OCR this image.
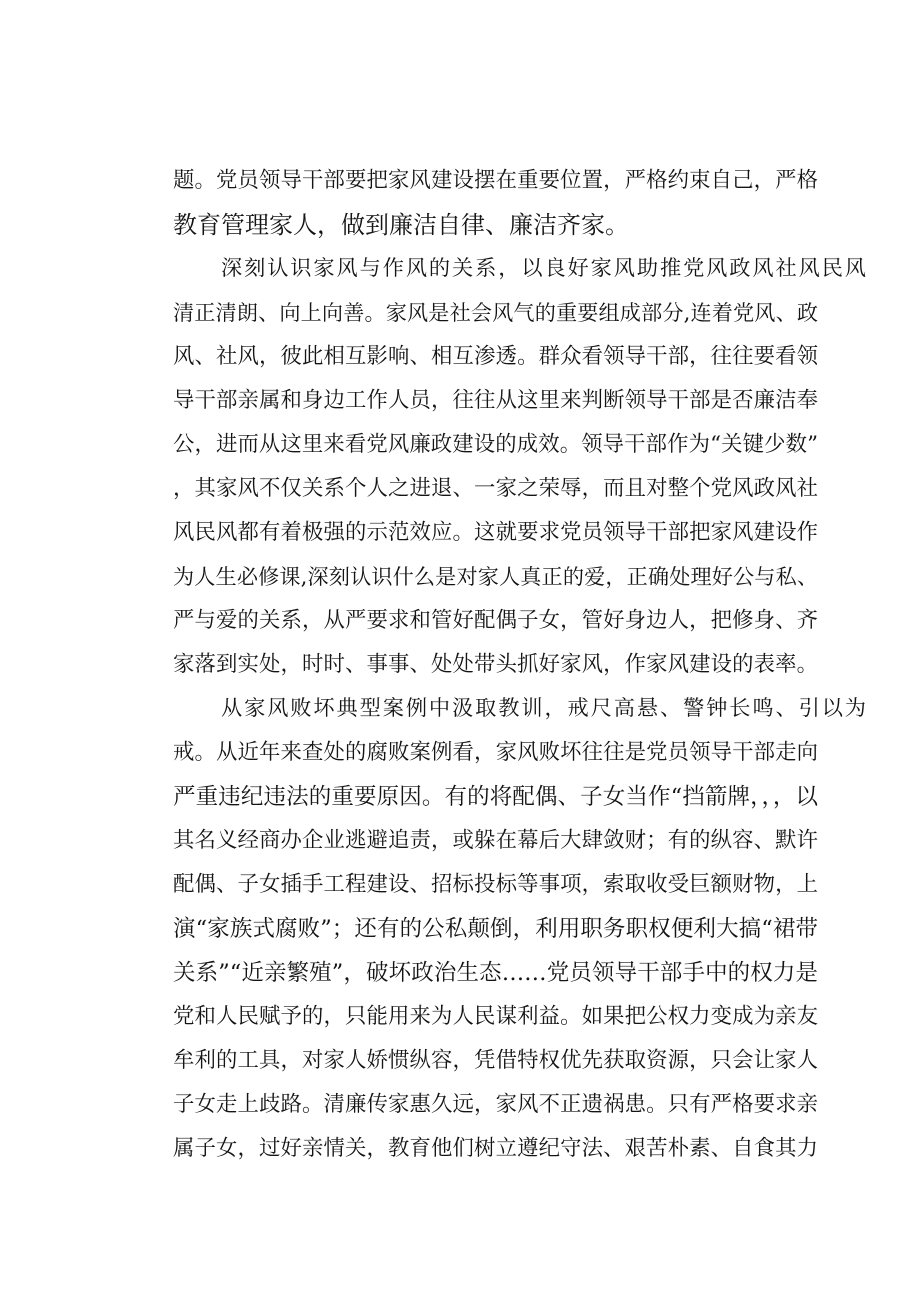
题。党员领导干部要把家风建设摆在重要位置，严格约束自己，严格
教育管理家人，做到廉洁自律、廉洁齐家。
深刻认识家风与作风的关系，以良好家风助推党风政风社风民风
清正清朗、向上向善。家风是社会风气的重要组成部分,连着党风、政
风、社风，彼此相互影响、相互渗透。群众看领导干部，往往要看领
导干部亲属和身边工作人员，往往从这里来判断领导干部是否廉洁奉
公，进而从这里来看党风廉政建设的成效。领导干部作为“关键少数”
，其家风不仅关系个人之进退、一家之荣辱，而且对整个党风政风社
风民风都有着极强的示范效应。这就要求党员领导干部把家风建设作
为人生必修课,深刻认识什么是对家人真正的爱，正确处理好公与私、
严与爱的关系，从严要求和管好配偶子女，管好身边人，把修身、齐
家落到实处，时时、事事、处处带头抓好家风，作家风建设的表率。
从家风败坏典型案例中汲取教训，戒尺高悬、警钟长鸣、引以为
戒。从近年来查处的腐败案例看，家风败坏往往是党员领导干部走向
严重违纪违法的重要原因。有的将配偶、子女当作“挡箭牌，，，以
其名义经商办企业逃避追责，或躲在幕后大肆敛财；有的纵容、默许
配偶、子女插手工程建设、招标投标等事项，索取收受巨额财物，上
演“家族式腐败”；还有的公私颠倒，利用职务职权便利大搞“裙带
关系”“近亲繁殖”，破坏政治生态……党员领导干部手中的权力是
党和人民赋予的，只能用来为人民谋利益。如果把公权力变成为亲友
牟利的工具，对家人娇惯纵容，凭借特权优先获取资源，只会让家人
子女走上歧路。清廉传家惠久远，家风不正遗祸患。只有严格要求亲
属子女，过好亲情关，教育他们树立遵纪守法、艰苦朴素、自食其力
